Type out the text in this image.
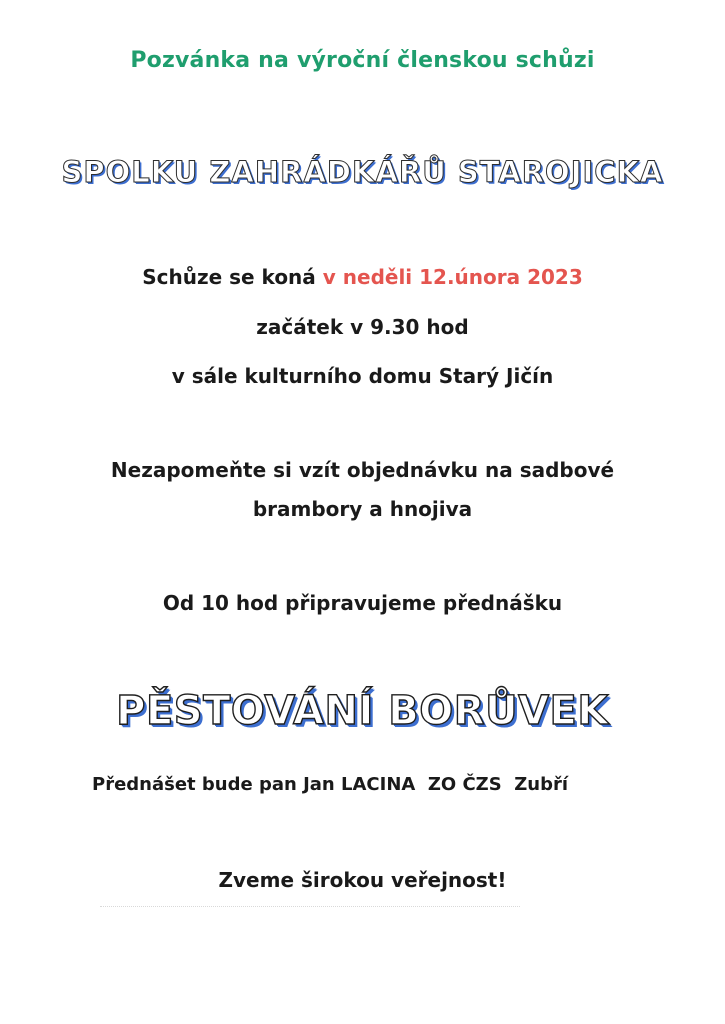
Pozvánka na výroční členskou schůzi
SPOLKU ZAHRÁDKÁŘŮ STAROJICKA
Schůze se koná v neděli 12.února 2023
začátek v 9.30 hod
v sále kulturního domu Starý Jičín
Nezapomeňte si vzít objednávku na sadbové
brambory a hnojiva
Od 10 hod připravujeme přednášku
PĚSTOVÁNÍ BORŮVEK
Přednášet bude pan Jan LACINA  ZO ČZS  Zubří
Zveme širokou veřejnost!
